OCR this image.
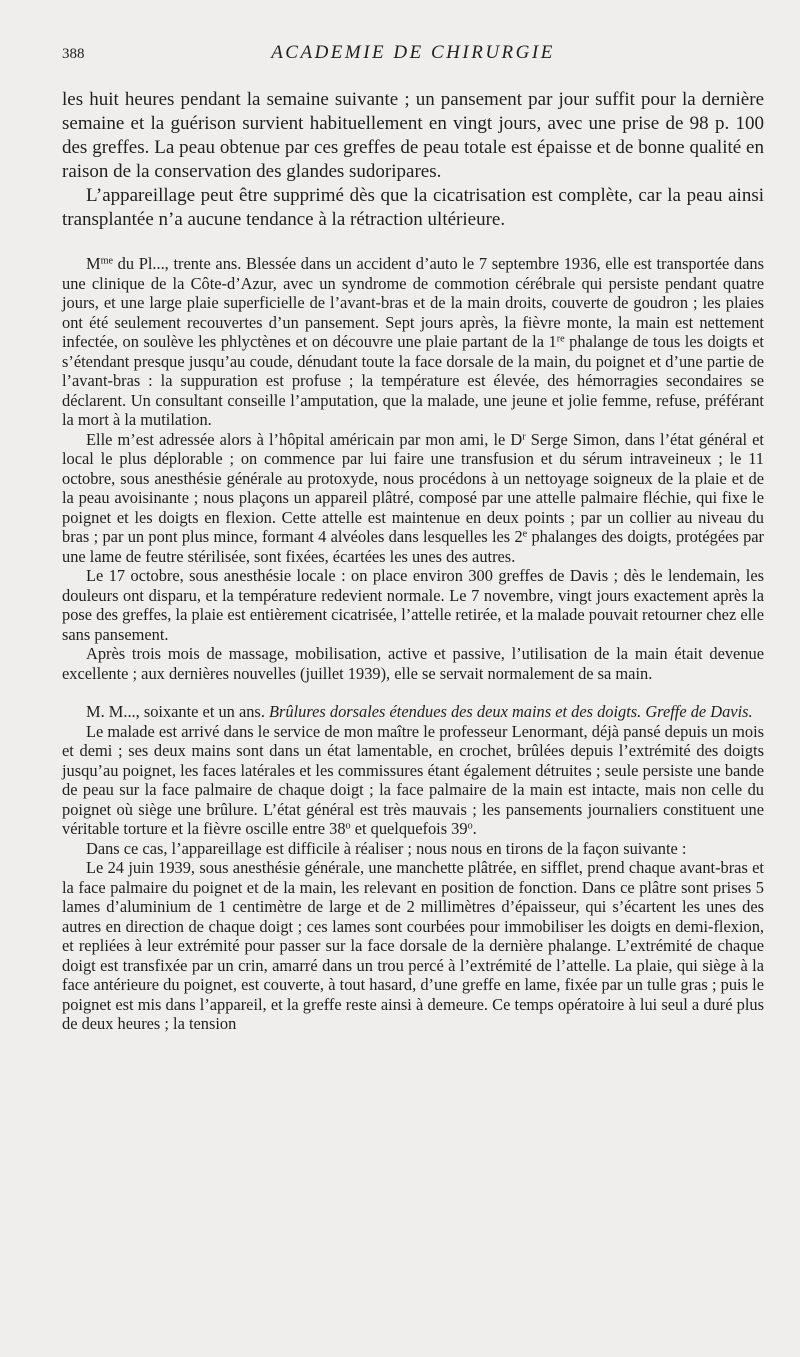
388	ACADEMIE DE CHIRURGIE

les huit heures pendant la semaine suivante ; un pansement par jour suffit pour la dernière semaine et la guérison survient habituellement en vingt jours, avec une prise de 98 p. 100 des greffes. La peau obtenue par ces greffes de peau totale est épaisse et de bonne qualité en raison de la conservation des glandes sudoripares.

L’appareillage peut être supprimé dès que la cicatrisation est complète, car la peau ainsi transplantée n’a aucune tendance à la rétraction ultérieure.

$M^{me}$ du Pl..., trente ans. Blessée dans un accident d’auto le 7 septembre 1936, elle est transportée dans une clinique de la Côte-d’Azur, avec un syndrome de commotion cérébrale qui persiste pendant quatre jours, et une large plaie superficielle de l’avant-bras et de la main droits, couverte de goudron ; les plaies ont été seulement recouvertes d’un pansement. Sept jours après, la fièvre monte, la main est nettement infectée, on soulève les phlyctènes et on découvre une plaie partant de la 1re phalange de tous les doigts et s’étendant presque jusqu’au coude, dénudant toute la face dorsale de la main, du poignet et d’une partie de l’avant-bras : la suppuration est profuse ; la température est élevée, des hémorragies secondaires se déclarent. Un consultant conseille l’amputation, que la malade, une jeune et jolie femme, refuse, préférant la mort à la mutilation.

Elle m’est adressée alors à l’hôpital américain par mon ami, le $D^r$ Serge Simon, dans l’état général et local le plus déplorable ; on commence par lui faire une transfusion et du sérum intraveineux ; le 11 octobre, sous anesthésie générale au protoxyde, nous procédons à un nettoyage soigneux de la plaie et de la peau avoisinante ; nous plaçons un appareil plâtré, composé par une attelle palmaire fléchie, qui fixe le poignet et les doigts en flexion. Cette attelle est maintenue en deux points ; par un collier au niveau du bras ; par un pont plus mince, formant 4 alvéoles dans lesquelles les 2e phalanges des doigts, protégées par une lame de feutre stérilisée, sont fixées, écartées les unes des autres.

Le 17 octobre, sous anesthésie locale : on place environ 300 greffes de Davis ; dès le lendemain, les douleurs ont disparu, et la température redevient normale. Le 7 novembre, vingt jours exactement après la pose des greffes, la plaie est entièrement cicatrisée, l’attelle retirée, et la malade pouvait retourner chez elle sans pansement.

Après trois mois de massage, mobilisation, active et passive, l’utilisation de la main était devenue excellente ; aux dernières nouvelles (juillet 1939), elle se servait normalement de sa main.

M. M..., soixante et un ans. Brûlures dorsales étendues des deux mains et des doigts. Greffe de Davis.

Le malade est arrivé dans le service de mon maître le professeur Lenormant, déjà pansé depuis un mois et demi ; ses deux mains sont dans un état lamentable, en crochet, brûlées depuis l’extrémité des doigts jusqu’au poignet, les faces latérales et les commissures étant également détruites ; seule persiste une bande de peau sur la face palmaire de chaque doigt ; la face palmaire de la main est intacte, mais non celle du poignet où siège une brûlure. L’état général est très mauvais ; les pansements journaliers constituent une véritable torture et la fièvre oscille entre 38$^o$ et quelquefois 39$^o$.

Dans ce cas, l’appareillage est difficile à réaliser ; nous nous en tirons de la façon suivante :

Le 24 juin 1939, sous anesthésie générale, une manchette plâtrée, en sifflet, prend chaque avant-bras et la face palmaire du poignet et de la main, les relevant en position de fonction. Dans ce plâtre sont prises 5 lames d’aluminium de 1 centimètre de large et de 2 millimètres d’épaisseur, qui s’écartent les unes des autres en direction de chaque doigt ; ces lames sont courbées pour immobiliser les doigts en demi-flexion, et repliées à leur extrémité pour passer sur la face dorsale de la dernière phalange. L’extrémité de chaque doigt est transfixée par un crin, amarré dans un trou percé à l’extrémité de l’attelle. La plaie, qui siège à la face antérieure du poignet, est couverte, à tout hasard, d’une greffe en lame, fixée par un tulle gras ; puis le poignet est mis dans l’appareil, et la greffe reste ainsi à demeure. Ce temps opératoire à lui seul a duré plus de deux heures ; la tension
